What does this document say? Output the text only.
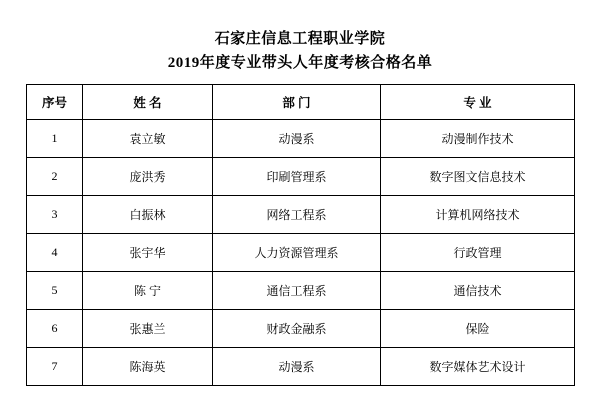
石家庄信息工程职业学院
2019年度专业带头人年度考核合格名单
序号	姓 名	部 门	专 业
1	袁立敏	动漫系	动漫制作技术
2	庞洪秀	印刷管理系	数字图文信息技术
3	白振林	网络工程系	计算机网络技术
4	张宇华	人力资源管理系	行政管理
5	陈 宁	通信工程系	通信技术
6	张惠兰	财政金融系	保险
7	陈海英	动漫系	数字媒体艺术设计
